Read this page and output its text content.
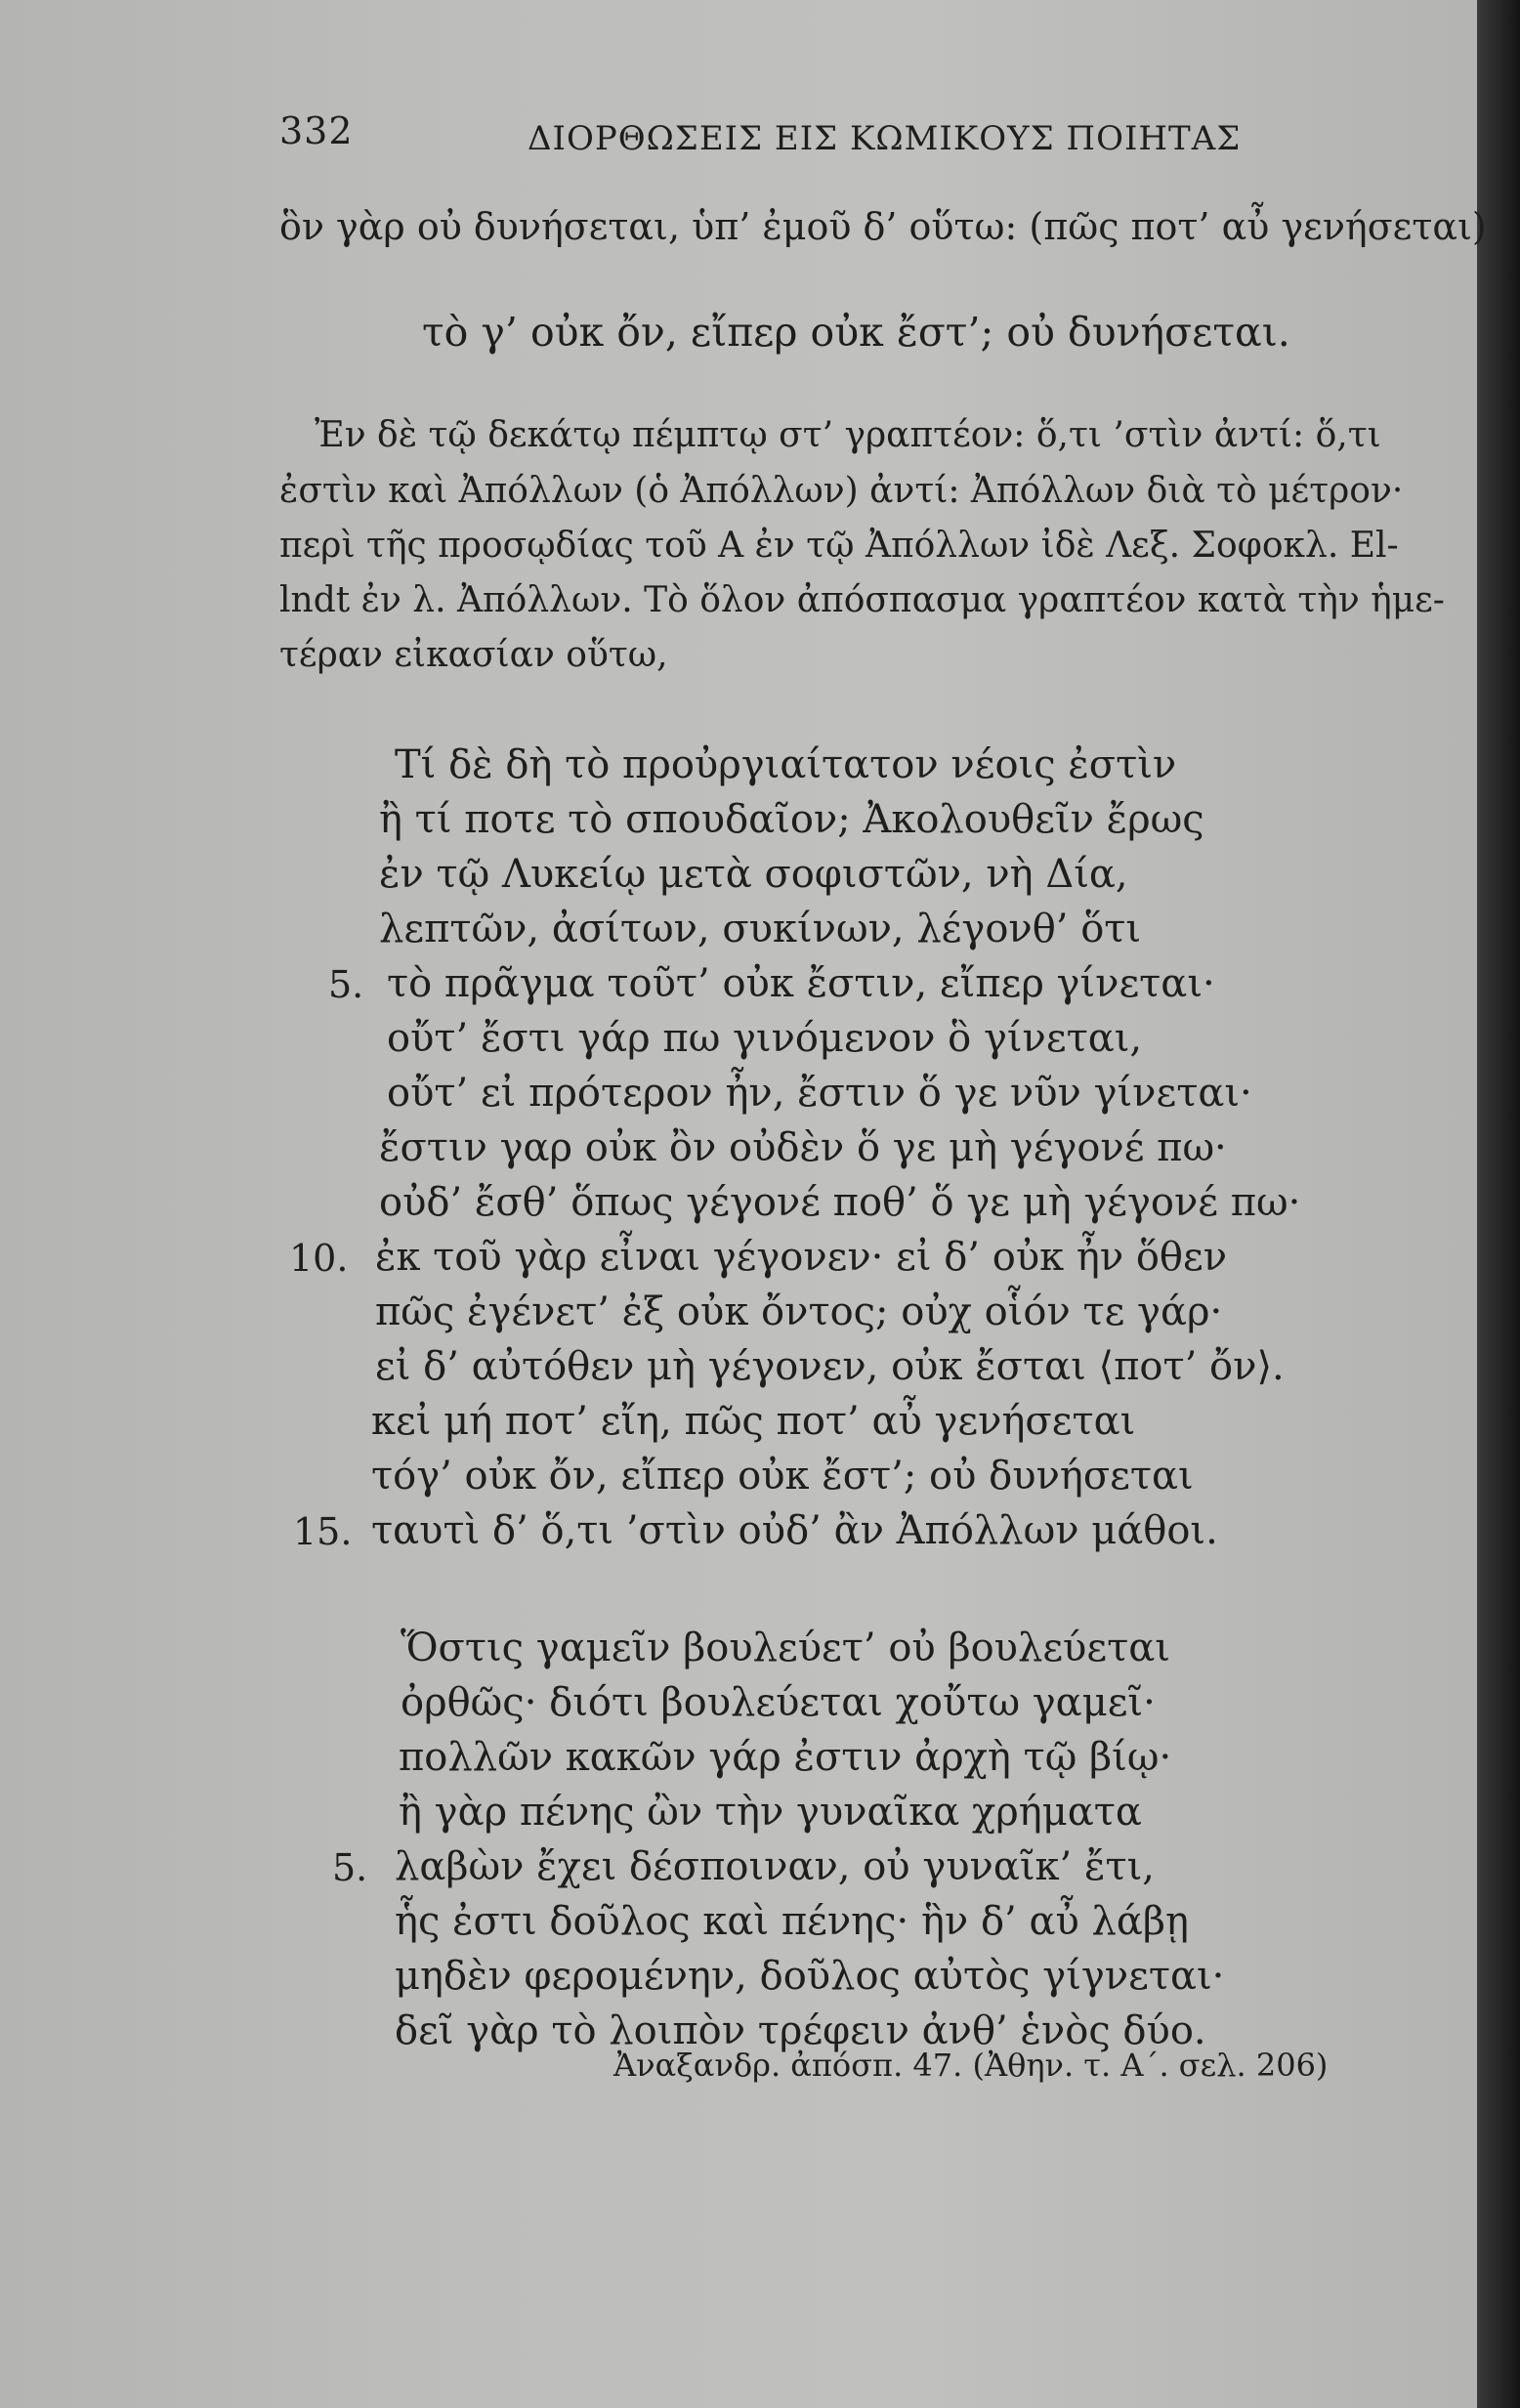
332	ΔΙΟΡΘΩΣΕΙΣ ΕΙΣ ΚΩΜΙΚΟΥΣ ΠΟΙΗΤΑΣ
ὃν γὰρ οὐ δυνήσεται, ὑπ’ ἐμοῦ δ’ οὕτω: (πῶς ποτ’ αὖ γενήσεται)
τὸ γ’ οὐκ ὄν, εἴπερ οὐκ ἔστ’; οὐ δυνήσεται.
Ἐν δὲ τῷ δεκάτῳ πέμπτῳ στ’ γραπτέον: ὅ,τι ’στὶν ἀντί: ὅ,τι
ἐστὶν καὶ Ἀπόλλων (ὁ Ἀπόλλων) ἀντί: Ἀπόλλων διὰ τὸ μέτρον·
περὶ τῆς προσῳδίας τοῦ Α ἐν τῷ Ἀπόλλων ἰδὲ Λεξ. Σοφοκλ. El-
lndt ἐν λ. Ἀπόλλων. Τὸ ὅλον ἀπόσπασμα γραπτέον κατὰ τὴν ἡμε-
τέραν εἰκασίαν οὕτω,
Τί δὲ δὴ τὸ προὐργιαίτατον νέοις ἐστὶν
ἢ τί ποτε τὸ σπουδαῖον; Ἀκολουθεῖν ἔρως
ἐν τῷ Λυκείῳ μετὰ σοφιστῶν, νὴ Δία,
λεπτῶν, ἀσίτων, συκίνων, λέγονθ’ ὅτι
5. τὸ πρᾶγμα τοῦτ’ οὐκ ἔστιν, εἴπερ γίνεται·
οὔτ’ ἔστι γάρ πω γινόμενον ὃ γίνεται,
οὔτ’ εἰ πρότερον ἦν, ἔστιν ὅ γε νῦν γίνεται·
ἔστιν γαρ οὐκ ὂν οὐδὲν ὅ γε μὴ γέγονέ πω·
οὐδ’ ἔσθ’ ὅπως γέγονέ ποθ’ ὅ γε μὴ γέγονέ πω·
10. ἐκ τοῦ γὰρ εἶναι γέγονεν· εἰ δ’ οὐκ ἦν ὅθεν
πῶς ἐγένετ’ ἐξ οὐκ ὄντος; οὐχ οἷόν τε γάρ·
εἰ δ’ αὐτόθεν μὴ γέγονεν, οὐκ ἔσται ⟨ποτ’ ὄν⟩.
κεἰ μή ποτ’ εἴη, πῶς ποτ’ αὖ γενήσεται
τόγ’ οὐκ ὄν, εἴπερ οὐκ ἔστ’; οὐ δυνήσεται
15. ταυτὶ δ’ ὅ,τι ’στὶν οὐδ’ ἂν Ἀπόλλων μάθοι.
Ὅστις γαμεῖν βουλεύετ’ οὐ βουλεύεται
ὀρθῶς· διότι βουλεύεται χοὔτω γαμεῖ·
πολλῶν κακῶν γάρ ἐστιν ἀρχὴ τῷ βίῳ·
ἢ γὰρ πένης ὢν τὴν γυναῖκα χρήματα
5. λαβὼν ἔχει δέσποιναν, οὐ γυναῖκ’ ἔτι,
ἧς ἐστι δοῦλος καὶ πένης· ἣν δ’ αὖ λάβῃ
μηδὲν φερομένην, δοῦλος αὐτὸς γίγνεται·
δεῖ γὰρ τὸ λοιπὸν τρέφειν ἀνθ’ ἑνὸς δύο.
Ἀναξανδρ. ἀπόσπ. 47. (Ἀθην. τ. Α΄. σελ. 206)
